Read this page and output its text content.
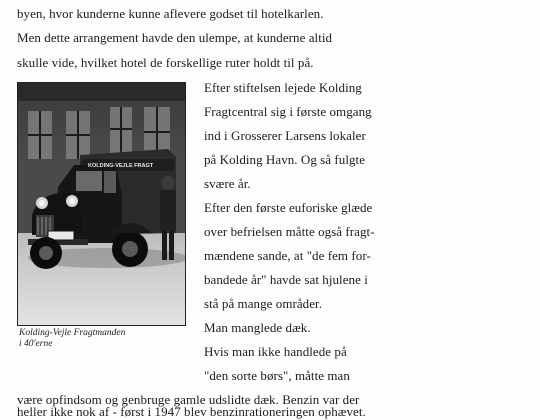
byen, hvor kunderne kunne aflevere godset til hotelkarlen.
Men dette arrangement havde den ulempe, at kunderne altid
skulle vide, hvilket hotel de forskellige ruter holdt til på.
Efter stiftelsen lejede Kolding
Fragtcentral sig i første omgang
ind i Grosserer Larsens lokaler
på Kolding Havn. Og så fulgte
svære år.
Efter den første euforiske glæde
over befrielsen måtte også fragt-
mændene sande, at "de fem for-
bandede år" havde sat hjulene i
stå på mange områder.
Man manglede dæk.
Hvis man ikke handlede på
"den sorte børs", måtte man
være opfindsom og genbruge gamle udslidte dæk. Benzin var der
KOLDING-VEJLE FRAGT
Kolding-Vejle Fragtmanden
i 40'erne
heller ikke nok af - først i 1947 blev benzinrationeringen ophævet.
